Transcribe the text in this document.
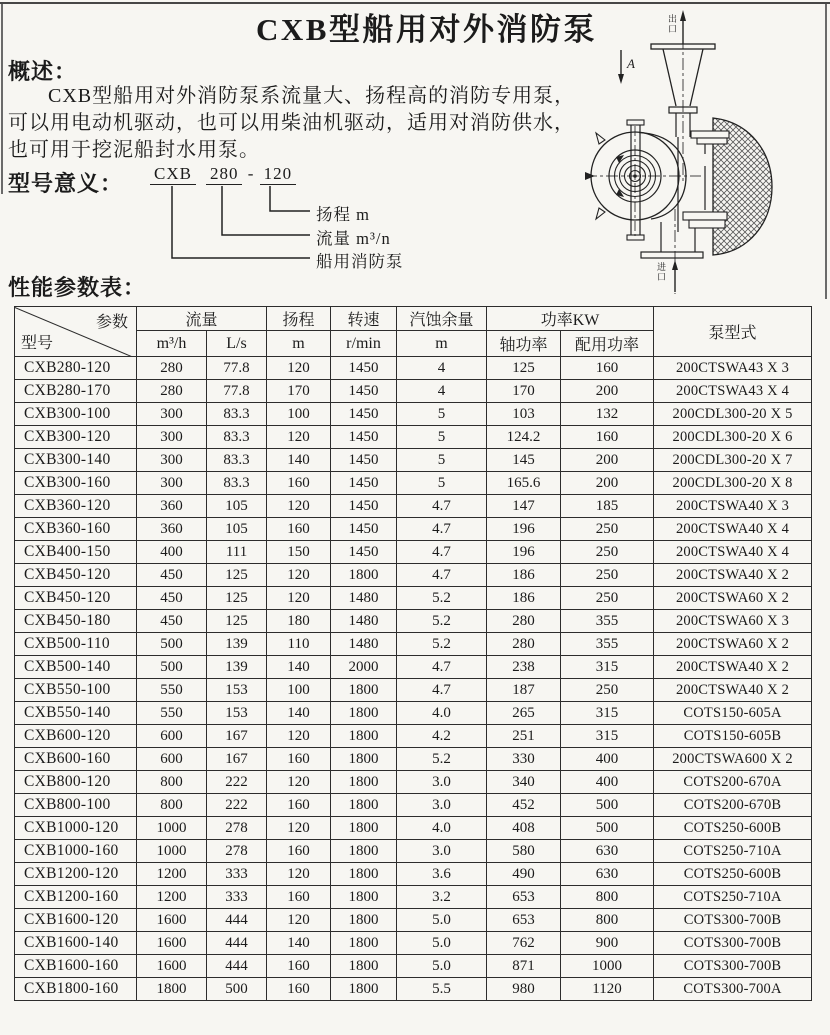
CXB型船用对外消防泵
概述：
CXB型船用对外消防泵系流量大、扬程高的消防专用泵，可以用电动机驱动，也可以用柴油机驱动，适用对消防供水，也可用于挖泥船封水用泵。
型号意义： CXB 280 - 120
扬程 m
流量 m³/n
船用消防泵
出口
A
进口
性能参数表：
参数
型号	流量		扬程	转速	汽蚀余量	功率KW		泵型式
	m³/h	L/s	m	r/min	m	轴功率	配用功率	
CXB280-120	280	77.8	120	1450	4	125	160	200CTSWA43 X 3
CXB280-170	280	77.8	170	1450	4	170	200	200CTSWA43 X 4
CXB300-100	300	83.3	100	1450	5	103	132	200CDL300-20 X 5
CXB300-120	300	83.3	120	1450	5	124.2	160	200CDL300-20 X 6
CXB300-140	300	83.3	140	1450	5	145	200	200CDL300-20 X 7
CXB300-160	300	83.3	160	1450	5	165.6	200	200CDL300-20 X 8
CXB360-120	360	105	120	1450	4.7	147	185	200CTSWA40 X 3
CXB360-160	360	105	160	1450	4.7	196	250	200CTSWA40 X 4
CXB400-150	400	111	150	1450	4.7	196	250	200CTSWA40 X 4
CXB450-120	450	125	120	1800	4.7	186	250	200CTSWA40 X 2
CXB450-120	450	125	120	1480	5.2	186	250	200CTSWA60 X 2
CXB450-180	450	125	180	1480	5.2	280	355	200CTSWA60 X 3
CXB500-110	500	139	110	1480	5.2	280	355	200CTSWA60 X 2
CXB500-140	500	139	140	2000	4.7	238	315	200CTSWA40 X 2
CXB550-100	550	153	100	1800	4.7	187	250	200CTSWA40 X 2
CXB550-140	550	153	140	1800	4.0	265	315	COTS150-605A
CXB600-120	600	167	120	1800	4.2	251	315	COTS150-605B
CXB600-160	600	167	160	1800	5.2	330	400	200CTSWA600 X 2
CXB800-120	800	222	120	1800	3.0	340	400	COTS200-670A
CXB800-100	800	222	160	1800	3.0	452	500	COTS200-670B
CXB1000-120	1000	278	120	1800	4.0	408	500	COTS250-600B
CXB1000-160	1000	278	160	1800	3.0	580	630	COTS250-710A
CXB1200-120	1200	333	120	1800	3.6	490	630	COTS250-600B
CXB1200-160	1200	333	160	1800	3.2	653	800	COTS250-710A
CXB1600-120	1600	444	120	1800	5.0	653	800	COTS300-700B
CXB1600-140	1600	444	140	1800	5.0	762	900	COTS300-700B
CXB1600-160	1600	444	160	1800	5.0	871	1000	COTS300-700B
CXB1800-160	1800	500	160	1800	5.5	980	1120	COTS300-700A
